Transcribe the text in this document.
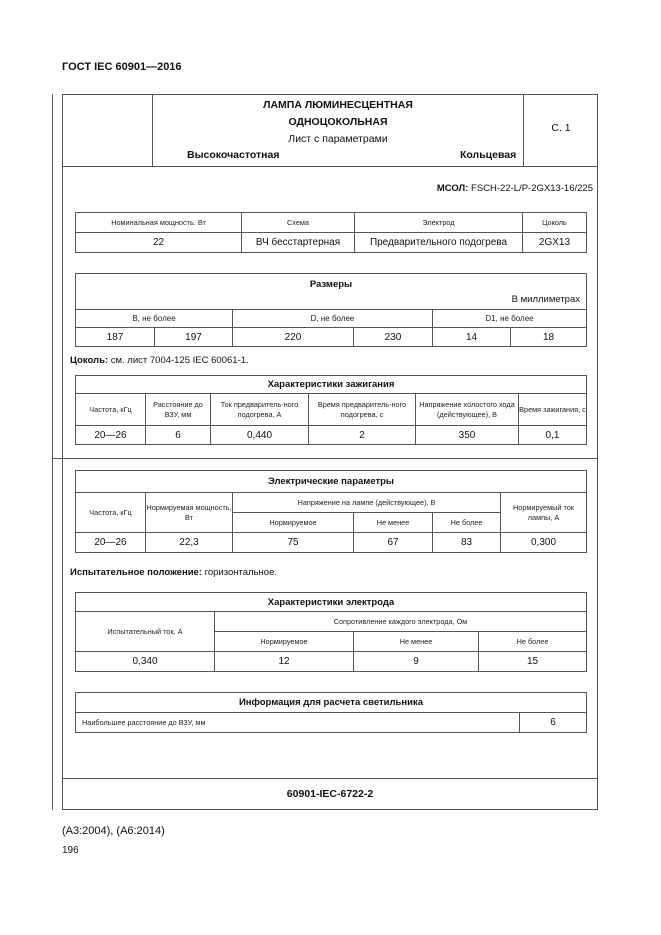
ГОСТ IEC 60901—2016
ЛАМПА ЛЮМИНЕСЦЕНТНАЯ
ОДНОЦОКОЛЬНАЯ
Лист с параметрами
Высокочастотная	Кольцевая
С. 1
МСОЛ: FSCH-22-L/P-2GX13-16/225
Номинальная мощность. Вт	Схема	Электрод	Цоколь
22	ВЧ бесстартерная	Предварительного подогрева	2GX13
Размеры
В миллиметрах					

В, не более		D, не более		D1, не более	
187	197	220	230	14	18
Цоколь: см. лист 7004-125 IEC 60061-1.
Характеристики зажигания					
Частота, кГц	Расстояние до ВЗУ, мм	Ток предваритель-ного подогрева, А	Время предваритель-ного подогрева, с	Напряжение холостого хода (действующее), В	Время зажигания, с
20—26	6	0,440	2	350	0,1
Электрические параметры					
Частота, кГц	Нормируемая мощность, Вт	Напряжение на лампе (действующее), В			Нормируемый ток лампы, А
		Нормируемое	Не менее	Не более	
20—26	22,3	75	67	83	0,300
Испытательное положение: горизонтальное.
Характеристики электрода			
Испытательный ток, А	Сопротивление каждого электрода, Ом		
	Нормируемое	Не менее	Не более
0,340	12	9	15
Информация для расчета светильника
Наибольшее расстояние до ВЗУ, мм	6
60901-IEC-6722-2
(А3:2004), (А6:2014)
196
